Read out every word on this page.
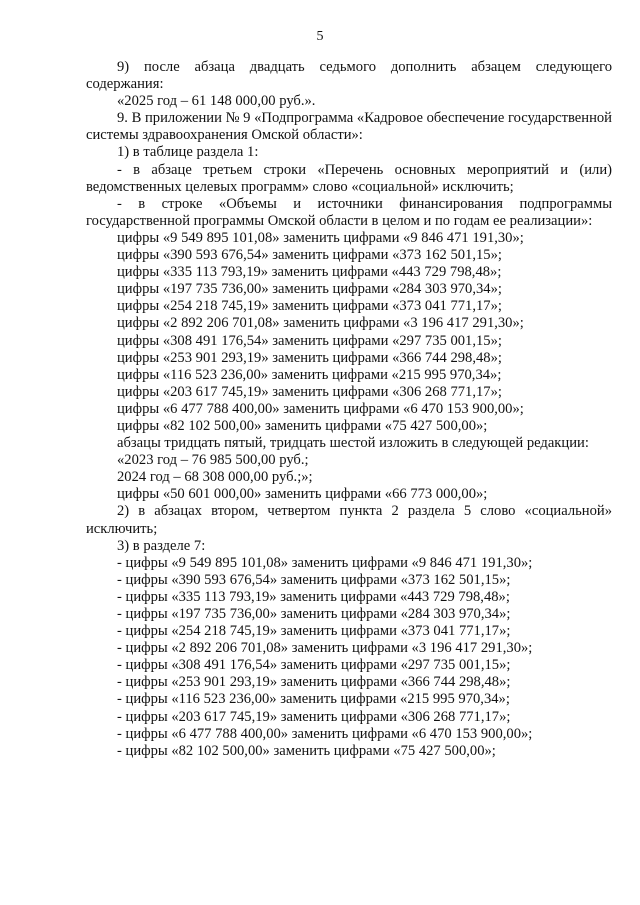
5

9) после абзаца двадцать седьмого дополнить абзацем следующего содержания:

«2025 год – 61 148 000,00 руб.».

9. В приложении № 9 «Подпрограмма «Кадровое обеспечение государственной системы здравоохранения Омской области»:

1) в таблице раздела 1:

- в абзаце третьем строки «Перечень основных мероприятий и (или) ведомственных целевых программ» слово «социальной» исключить;

- в строке «Объемы и источники финансирования подпрограммы государственной программы Омской области в целом и по годам ее реализации»:

цифры «9 549 895 101,08» заменить цифрами «9 846 471 191,30»;

цифры «390 593 676,54» заменить цифрами «373 162 501,15»;

цифры «335 113 793,19» заменить цифрами «443 729 798,48»;

цифры «197 735 736,00» заменить цифрами «284 303 970,34»;

цифры «254 218 745,19» заменить цифрами «373 041 771,17»;

цифры «2 892 206 701,08» заменить цифрами «3 196 417 291,30»;

цифры «308 491 176,54» заменить цифрами «297 735 001,15»;

цифры «253 901 293,19» заменить цифрами «366 744 298,48»;

цифры «116 523 236,00» заменить цифрами «215 995 970,34»;

цифры «203 617 745,19» заменить цифрами «306 268 771,17»;

цифры «6 477 788 400,00» заменить цифрами «6 470 153 900,00»;

цифры «82 102 500,00» заменить цифрами «75 427 500,00»;

абзацы тридцать пятый, тридцать шестой изложить в следующей редакции:

«2023 год – 76 985 500,00 руб.;

2024 год – 68 308 000,00 руб.;»;

цифры «50 601 000,00» заменить цифрами «66 773 000,00»;

2) в абзацах втором, четвертом пункта 2 раздела 5 слово «социальной» исключить;

3) в разделе 7:

- цифры «9 549 895 101,08» заменить цифрами «9 846 471 191,30»;

- цифры «390 593 676,54» заменить цифрами «373 162 501,15»;

- цифры «335 113 793,19» заменить цифрами «443 729 798,48»;

- цифры «197 735 736,00» заменить цифрами «284 303 970,34»;

- цифры «254 218 745,19» заменить цифрами «373 041 771,17»;

- цифры «2 892 206 701,08» заменить цифрами «3 196 417 291,30»;

- цифры «308 491 176,54» заменить цифрами «297 735 001,15»;

- цифры «253 901 293,19» заменить цифрами «366 744 298,48»;

- цифры «116 523 236,00» заменить цифрами «215 995 970,34»;

- цифры «203 617 745,19» заменить цифрами «306 268 771,17»;

- цифры «6 477 788 400,00» заменить цифрами «6 470 153 900,00»;

- цифры «82 102 500,00» заменить цифрами «75 427 500,00»;
